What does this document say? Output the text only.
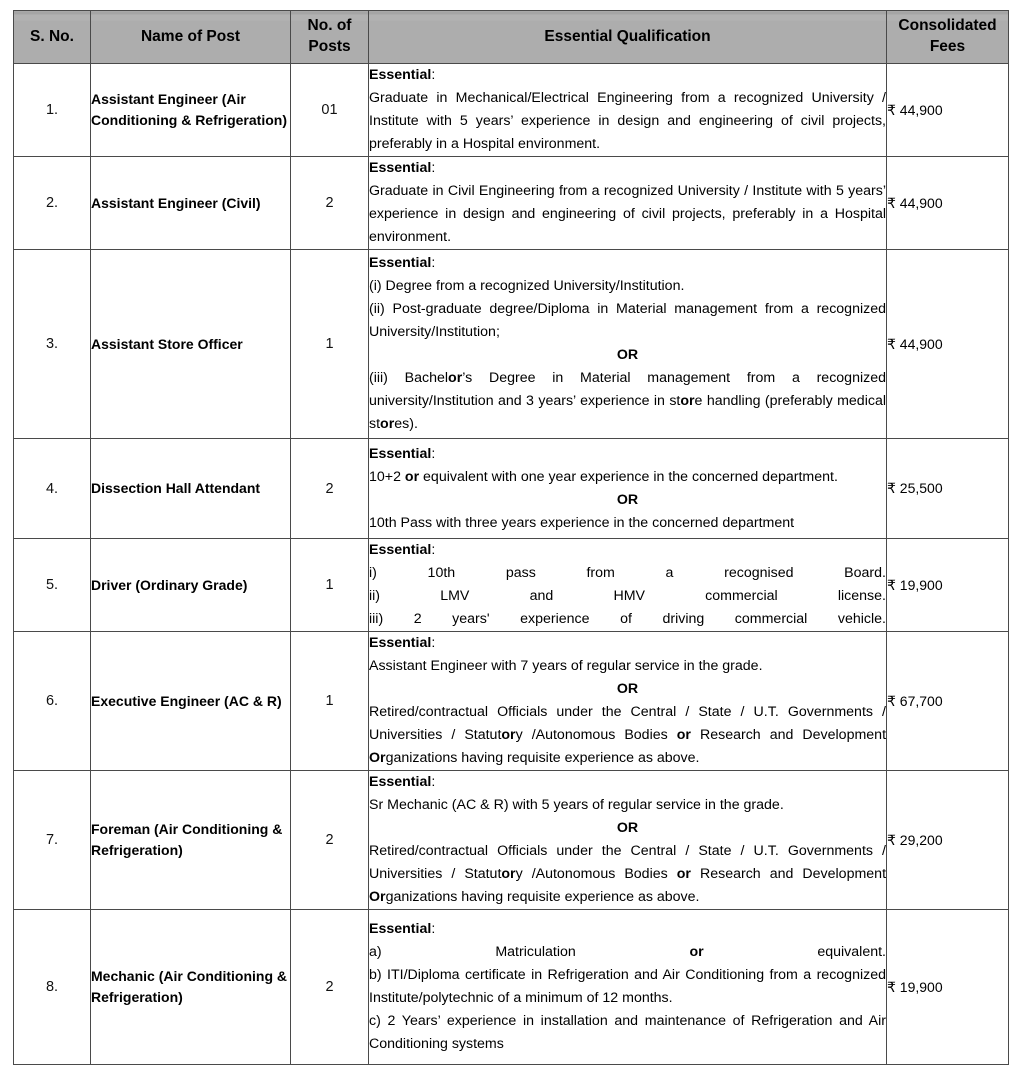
S. No.	Name of Post	No. of Posts	Essential Qualification	Consolidated Fees
1.	Assistant Engineer (Air Conditioning & Refrigeration)	01	Essential:

Graduate in Mechanical/Electrical Engineering from a recognized University / Institute with 5 years’ experience in design and engineering of civil projects, preferably in a Hospital environment.	₹ 44,900
2.	Assistant Engineer (Civil)	2	Essential:

Graduate in Civil Engineering from a recognized University / Institute with 5 years’ experience in design and engineering of civil projects, preferably in a Hospital environment.	₹ 44,900
3.	Assistant Store Officer	1	Essential:

(i) Degree from a recognized University/Institution.

(ii) Post-graduate degree/Diploma in Material management from a recognized University/Institution;

OR

(iii) Bachelor’s Degree in Material management from a recognized university/Institution and 3 years’ experience in store handling (preferably medical stores).	₹ 44,900
4.	Dissection Hall Attendant	2	Essential:

10+2 or equivalent with one year experience in the concerned department.

OR

10th Pass with three years experience in the concerned department	₹ 25,500
5.	Driver (Ordinary Grade)	1	Essential:

i) 10th pass from a recognised Board.

ii) LMV and HMV commercial license.

iii) 2 years' experience of driving commercial vehicle.	₹ 19,900
6.	Executive Engineer (AC & R)	1	Essential:

Assistant Engineer with 7 years of regular service in the grade.

OR

Retired/contractual Officials under the Central / State / U.T. Governments / Universities / Statutory /Autonomous Bodies or Research and Development Organizations having requisite experience as above.	₹ 67,700
7.	Foreman (Air Conditioning & Refrigeration)	2	Essential:

Sr Mechanic (AC & R) with 5 years of regular service in the grade.

OR

Retired/contractual Officials under the Central / State / U.T. Governments / Universities / Statutory /Autonomous Bodies or Research and Development Organizations having requisite experience as above.	₹ 29,200
8.	Mechanic (Air Conditioning & Refrigeration)	2	Essential:

a) Matriculation or equivalent.

b) ITI/Diploma certificate in Refrigeration and Air Conditioning from a recognized Institute/polytechnic of a minimum of 12 months.

c) 2 Years’ experience in installation and maintenance of Refrigeration and Air Conditioning systems	₹ 19,900
